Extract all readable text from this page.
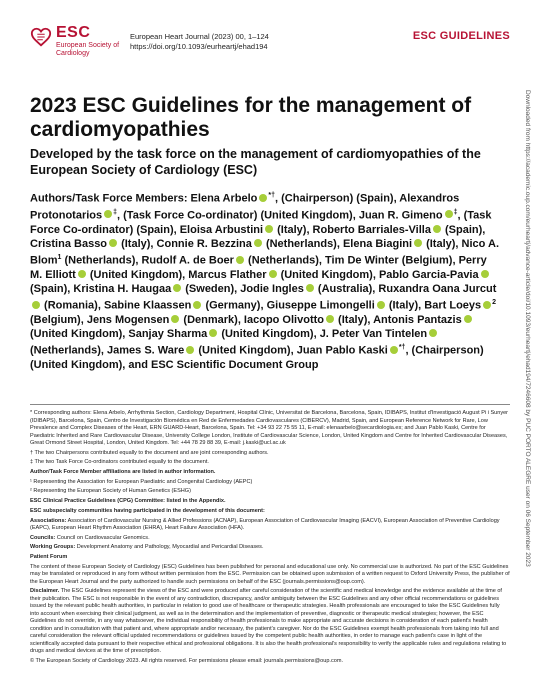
ESC
European Society of Cardiology
European Heart Journal (2023) 00, 1–124
https://doi.org/10.1093/eurheartj/ehad194
ESC GUIDELINES
Downloaded from https://academic.oup.com/eurheartj/advance-article/doi/10.1093/eurheartj/ehad194/7246608 by PUC PORTO ALEGRE user on 06 September 2023
2023 ESC Guidelines for the management of cardiomyopathies
Developed by the task force on the management of cardiomyopathies of the European Society of Cardiology (ESC)
Authors/Task Force Members: Elena Arbelo *†, (Chairperson) (Spain), Alexandros Protonotarios ‡, (Task Force Co-ordinator) (United Kingdom), Juan R. Gimeno ‡, (Task Force Co-ordinator) (Spain), Eloisa Arbustini (Italy), Roberto Barriales-Villa (Spain), Cristina Basso (Italy), Connie R. Bezzina (Netherlands), Elena Biagini (Italy), Nico A. Blom$^1$ (Netherlands), Rudolf A. de Boer (Netherlands), Tim De Winter (Belgium), Perry M. Elliott (United Kingdom), Marcus Flather (United Kingdom), Pablo Garcia-Pavia (Spain), Kristina H. Haugaa (Sweden), Jodie Ingles (Australia), Ruxandra Oana Jurcut (Romania), Sabine Klaassen (Germany), Giuseppe Limongelli (Italy), Bart Loeys $^2$ (Belgium), Jens Mogensen (Denmark), Iacopo Olivotto (Italy), Antonis Pantazis (United Kingdom), Sanjay Sharma (United Kingdom), J. Peter Van Tintelen (Netherlands), James S. Ware (United Kingdom), Juan Pablo Kaski *†, (Chairperson) (United Kingdom), and ESC Scientific Document Group

* Corresponding authors: Elena Arbelo, Arrhythmia Section, Cardiology Department, Hospital Clínic, Universitat de Barcelona, Barcelona, Spain, IDIBAPS, Institut d'Investigació August Pi i Sunyer (IDIBAPS), Barcelona, Spain, Centro de Investigación Biomédica en Red de Enfermedades Cardiovasculares (CIBERCV), Madrid, Spain, and European Reference Network for Rare, Low Prevalence and Complex Diseases of the Heart, ERN GUARD-Heart, Barcelona, Spain. Tel: +34 93 22 75 55 11, E-mail: elenaarbelo@secardiologia.es; and Juan Pablo Kaski, Centre for Paediatric Inherited and Rare Cardiovascular Disease, University College London, Institute of Cardiovascular Science, London, United Kingdom and Centre for Inherited Cardiovascular Diseases, Great Ormond Street Hospital, London, United Kingdom. Tel: +44 78 29 88 39, E-mail: j.kaski@ucl.ac.uk

† The two Chairpersons contributed equally to the document and are joint corresponding authors.

‡ The two Task Force Co-ordinators contributed equally to the document.

Author/Task Force Member affiliations are listed in author information.

¹ Representing the Association for European Paediatric and Congenital Cardiology (AEPC)

² Representing the European Society of Human Genetics (ESHG)

ESC Clinical Practice Guidelines (CPG) Committee: listed in the Appendix.

ESC subspecialty communities having participated in the development of this document:

Associations: Association of Cardiovascular Nursing & Allied Professions (ACNAP), European Association of Cardiovascular Imaging (EACVI), European Association of Preventive Cardiology (EAPC), European Heart Rhythm Association (EHRA), Heart Failure Association (HFA).

Councils: Council on Cardiovascular Genomics.

Working Groups: Development Anatomy and Pathology, Myocardial and Pericardial Diseases.

Patient Forum

The content of these European Society of Cardiology (ESC) Guidelines has been published for personal and educational use only. No commercial use is authorized. No part of the ESC Guidelines may be translated or reproduced in any form without written permission from the ESC. Permission can be obtained upon submission of a written request to Oxford University Press, the publisher of the European Heart Journal and the party authorized to handle such permissions on behalf of the ESC (journals.permissions@oup.com).

Disclaimer. The ESC Guidelines represent the views of the ESC and were produced after careful consideration of the scientific and medical knowledge and the evidence available at the time of their publication. The ESC is not responsible in the event of any contradiction, discrepancy, and/or ambiguity between the ESC Guidelines and any other official recommendations or guidelines issued by the relevant public health authorities, in particular in relation to good use of healthcare or therapeutic strategies. Health professionals are encouraged to take the ESC Guidelines fully into account when exercising their clinical judgment, as well as in the determination and the implementation of preventive, diagnostic or therapeutic medical strategies; however, the ESC Guidelines do not override, in any way whatsoever, the individual responsibility of health professionals to make appropriate and accurate decisions in consideration of each patient's health condition and in consultation with that patient and, where appropriate and/or necessary, the patient's caregiver. Nor do the ESC Guidelines exempt health professionals from taking into full and careful consideration the relevant official updated recommendations or guidelines issued by the competent public health authorities, in order to manage each patient's case in light of the scientifically accepted data pursuant to their respective ethical and professional obligations. It is also the health professional's responsibility to verify the applicable rules and regulations relating to drugs and medical devices at the time of prescription.

© The European Society of Cardiology 2023. All rights reserved. For permissions please email: journals.permissions@oup.com.
